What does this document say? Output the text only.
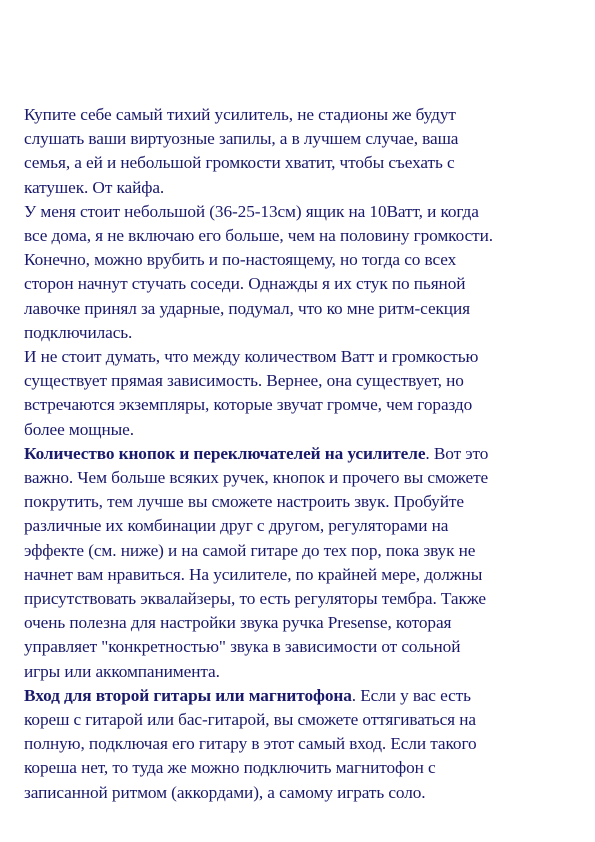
Купите себе самый тихий усилитель, не стадионы же будут
слушать ваши виртуозные запилы, а в лучшем случае, ваша
семья, а ей и небольшой громкости хватит, чтобы съехать с
катушек. От кайфа.
У меня стоит небольшой (36-25-13см) ящик на 10Ватт, и когда
все дома, я не включаю его больше, чем на половину громкости.
Конечно, можно врубить и по-настоящему, но тогда со всех
сторон начнут стучать соседи. Однажды я их стук по пьяной
лавочке принял за ударные, подумал, что ко мне ритм-секция
подключилась.
И не стоит думать, что между количеством Ватт и громкостью
существует прямая зависимость. Вернее, она существует, но
встречаются экземпляры, которые звучат громче, чем гораздо
более мощные.
Количество кнопок и переключателей на усилителе. Вот это
важно. Чем больше всяких ручек, кнопок и прочего вы сможете
покрутить, тем лучше вы сможете настроить звук. Пробуйте
различные их комбинации друг с другом, регуляторами на
эффекте (см. ниже) и на самой гитаре до тех пор, пока звук не
начнет вам нравиться. На усилителе, по крайней мере, должны
присутствовать эквалайзеры, то есть регуляторы тембра. Также
очень полезна для настройки звука ручка Presense, которая
управляет "конкретностью" звука в зависимости от сольной
игры или аккомпанимента.
Вход для второй гитары или магнитофона. Если у вас есть
кореш с гитарой или бас-гитарой, вы сможете оттягиваться на
полную, подключая его гитару в этот самый вход. Если такого
кореша нет, то туда же можно подключить магнитофон с
записанной ритмом (аккордами), а самому играть соло.
